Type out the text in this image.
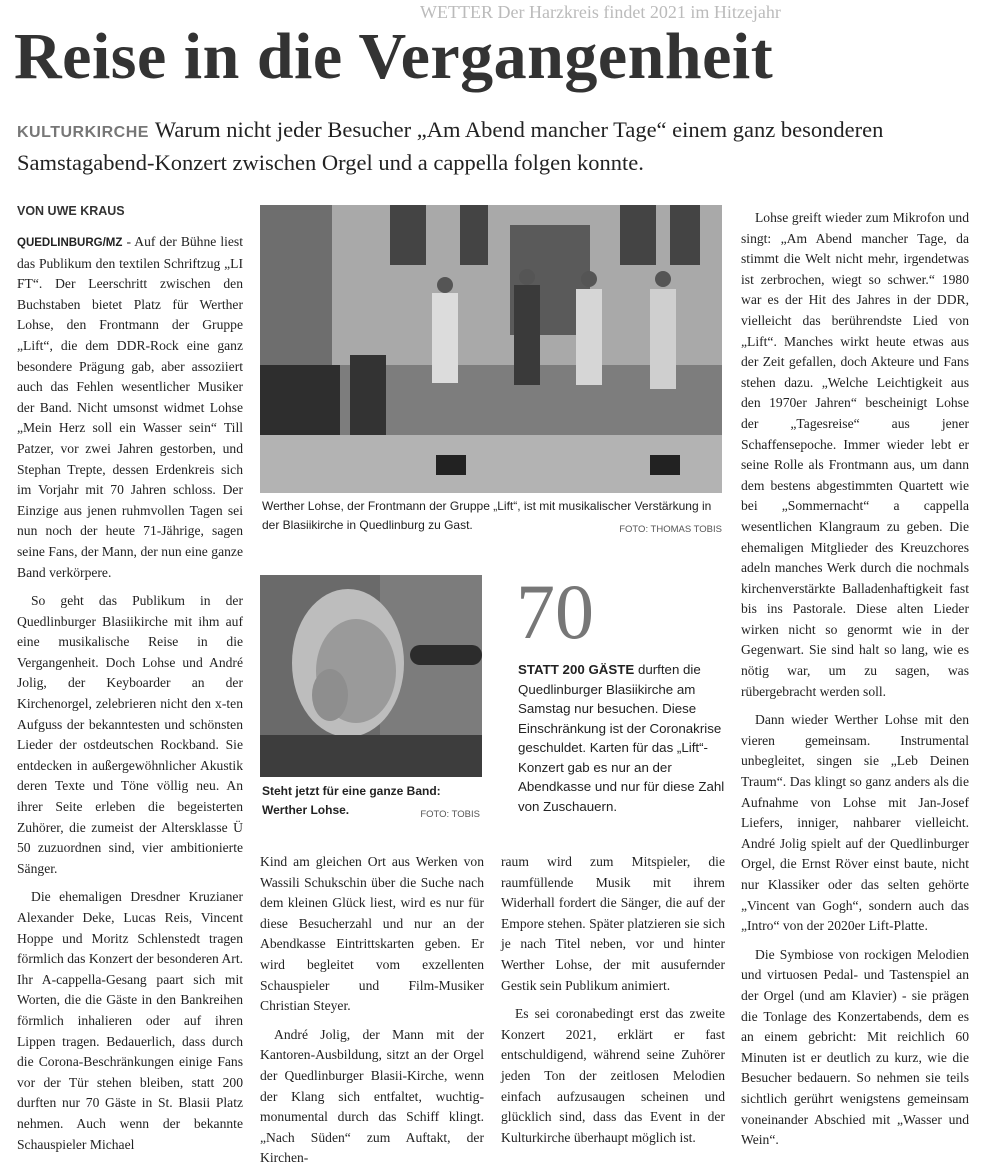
WETTER Der Harzkreis findet 2021 im Hitzejahr
Reise in die Vergangenheit

KULTURKIRCHE Warum nicht jeder Besucher „Am Abend mancher Tage“ einem ganz besonderen Samstagabend-Konzert zwischen Orgel und a cappella folgen konnte.

VON UWE KRAUS

QUEDLINBURG/MZ - Auf der Bühne liest das Publikum den textilen Schriftzug „LI FT“. Der Leerschritt zwischen den Buchstaben bietet Platz für Werther Lohse, den Frontmann der Gruppe „Lift“, die dem DDR-Rock eine ganz besondere Prägung gab, aber assoziiert auch das Fehlen wesentlicher Musiker der Band. Nicht umsonst widmet Lohse „Mein Herz soll ein Wasser sein“ Till Patzer, vor zwei Jahren gestorben, und Stephan Trepte, dessen Erdenkreis sich im Vorjahr mit 70 Jahren schloss. Der Einzige aus jenen ruhmvollen Tagen sei nun noch der heute 71-Jährige, sagen seine Fans, der Mann, der nun eine ganze Band verkörpere.

So geht das Publikum in der Quedlinburger Blasiikirche mit ihm auf eine musikalische Reise in die Vergangenheit. Doch Lohse und André Jolig, der Keyboarder an der Kirchenorgel, zelebrieren nicht den x-ten Aufguss der bekanntesten und schönsten Lieder der ostdeutschen Rockband. Sie entdecken in außergewöhnlicher Akustik deren Texte und Töne völlig neu. An ihrer Seite erleben die begeisterten Zuhörer, die zumeist der Altersklasse Ü 50 zuzuordnen sind, vier ambitionierte Sänger.

Die ehemaligen Dresdner Kruzianer Alexander Deke, Lucas Reis, Vincent Hoppe und Moritz Schlenstedt tragen förmlich das Konzert der besonderen Art. Ihr A-cappella-Gesang paart sich mit Worten, die die Gäste in den Bankreihen förmlich inhalieren oder auf ihren Lippen tragen. Bedauerlich, dass durch die Corona-Beschränkungen einige Fans vor der Tür stehen bleiben, statt 200 durften nur 70 Gäste in St. Blasii Platz nehmen. Auch wenn der bekannte Schauspieler Michael

Werther Lohse, der Frontmann der Gruppe „Lift“, ist mit musikalischer Verstärkung in der Blasiikirche in Quedlinburg zu Gast.	FOTO: THOMAS TOBIS

Lohse greift wieder zum Mikrofon und singt: „Am Abend mancher Tage, da stimmt die Welt nicht mehr, irgendetwas ist zerbrochen, wiegt so schwer.“ 1980 war es der Hit des Jahres in der DDR, vielleicht das berührendste Lied von „Lift“. Manches wirkt heute etwas aus der Zeit gefallen, doch Akteure und Fans stehen dazu. „Welche Leichtigkeit aus den 1970er Jahren“ bescheinigt Lohse der „Tagesreise“ aus jener Schaffensepoche. Immer wieder lebt er seine Rolle als Frontmann aus, um dann dem bestens abgestimmten Quartett wie bei „Sommernacht“ a cappella wesentlichen Klangraum zu geben. Die ehemaligen Mitglieder des Kreuzchores adeln manches Werk durch die nochmals kirchenverstärkte Balladenhaftigkeit fast bis ins Pastorale. Diese alten Lieder wirken nicht so genormt wie in der Gegenwart. Sie sind halt so lang, wie es nötig war, um zu sagen, was rübergebracht werden soll.

Dann wieder Werther Lohse mit den vieren gemeinsam. Instrumental unbegleitet, singen sie „Leb Deinen Traum“. Das klingt so ganz anders als die Aufnahme von Lohse mit Jan-Josef Liefers, inniger, nahbarer vielleicht. André Jolig spielt auf der Quedlinburger Orgel, die Ernst Röver einst baute, nicht nur Klassiker oder das selten gehörte „Vincent van Gogh“, sondern auch das „Intro“ von der 2020er Lift-Platte.

Die Symbiose von rockigen Melodien und virtuosen Pedal- und Tastenspiel an der Orgel (und am Klavier) - sie prägen die Tonlage des Konzertabends, dem es an einem gebricht: Mit reichlich 60 Minuten ist er deutlich zu kurz, wie die Besucher bedauern. So nehmen sie teils sichtlich gerührt wenigstens gemeinsam voneinander Abschied mit „Wasser und Wein“.

Steht jetzt für eine ganze Band: Werther Lohse.	FOTO: TOBIS

70

STATT 200 GÄSTE durften die Quedlinburger Blasiikirche am Samstag nur besuchen. Diese Einschränkung ist der Coronakrise geschuldet. Karten für das „Lift“-Konzert gab es nur an der Abendkasse und nur für diese Zahl von Zuschauern.

Kind am gleichen Ort aus Werken von Wassili Schukschin über die Suche nach dem kleinen Glück liest, wird es nur für diese Besucherzahl und nur an der Abendkasse Eintrittskarten geben. Er wird begleitet vom exzellenten Schauspieler und Film-Musiker Christian Steyer.

André Jolig, der Mann mit der Kantoren-Ausbildung, sitzt an der Orgel der Quedlinburger Blasii-Kirche, wenn der Klang sich entfaltet, wuchtig-monumental durch das Schiff klingt. „Nach Süden“ zum Auftakt, der Kirchen-

raum wird zum Mitspieler, die raumfüllende Musik mit ihrem Widerhall fordert die Sänger, die auf der Empore stehen. Später platzieren sie sich je nach Titel neben, vor und hinter Werther Lohse, der mit ausufernder Gestik sein Publikum animiert.

Es sei coronabedingt erst das zweite Konzert 2021, erklärt er fast entschuldigend, während seine Zuhörer jeden Ton der zeitlosen Melodien einfach aufzusaugen scheinen und glücklich sind, dass das Event in der Kulturkirche überhaupt möglich ist.
